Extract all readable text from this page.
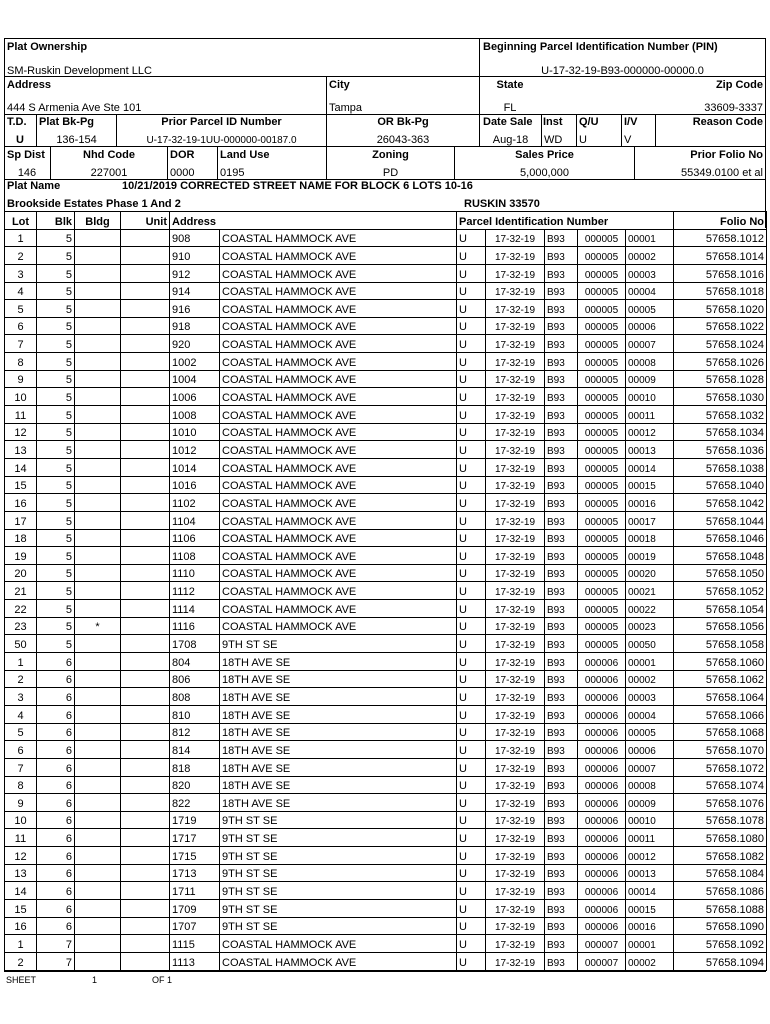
Plat Ownership
SM-Ruskin Development LLC
Beginning Parcel Identification Number (PIN)
U-17-32-19-B93-000000-00000.0
Address
444 S Armenia Ave Ste 101
City
Tampa
State
FL
Zip Code
33609-3337
T.D.
U
Plat Bk-Pg
136-154
Prior Parcel ID Number
U-17-32-19-1UU-000000-00187.0
OR Bk-Pg
26043-363
Date Sale
Aug-18
Inst
WD
Q/U
U
I/V
V
Reason Code
Sp Dist
146
Nhd Code
227001
DOR
0000
Land Use
0195
Zoning
PD
Sales Price
5,000,000
Prior Folio No
55349.0100 et al
Plat Name	10/21/2019 CORRECTED STREET NAME FOR BLOCK 6 LOTS 10-16
Brookside Estates Phase 1 And 2	RUSKIN 33570
Lot	Blk	Bldg	Unit	Address		Parcel Identification Number					Folio No
1	5			908	COASTAL HAMMOCK AVE	U	17-32-19	B93	000005	00001	57658.1012
2	5			910	COASTAL HAMMOCK AVE	U	17-32-19	B93	000005	00002	57658.1014
3	5			912	COASTAL HAMMOCK AVE	U	17-32-19	B93	000005	00003	57658.1016
4	5			914	COASTAL HAMMOCK AVE	U	17-32-19	B93	000005	00004	57658.1018
5	5			916	COASTAL HAMMOCK AVE	U	17-32-19	B93	000005	00005	57658.1020
6	5			918	COASTAL HAMMOCK AVE	U	17-32-19	B93	000005	00006	57658.1022
7	5			920	COASTAL HAMMOCK AVE	U	17-32-19	B93	000005	00007	57658.1024
8	5			1002	COASTAL HAMMOCK AVE	U	17-32-19	B93	000005	00008	57658.1026
9	5			1004	COASTAL HAMMOCK AVE	U	17-32-19	B93	000005	00009	57658.1028
10	5			1006	COASTAL HAMMOCK AVE	U	17-32-19	B93	000005	00010	57658.1030
11	5			1008	COASTAL HAMMOCK AVE	U	17-32-19	B93	000005	00011	57658.1032
12	5			1010	COASTAL HAMMOCK AVE	U	17-32-19	B93	000005	00012	57658.1034
13	5			1012	COASTAL HAMMOCK AVE	U	17-32-19	B93	000005	00013	57658.1036
14	5			1014	COASTAL HAMMOCK AVE	U	17-32-19	B93	000005	00014	57658.1038
15	5			1016	COASTAL HAMMOCK AVE	U	17-32-19	B93	000005	00015	57658.1040
16	5			1102	COASTAL HAMMOCK AVE	U	17-32-19	B93	000005	00016	57658.1042
17	5			1104	COASTAL HAMMOCK AVE	U	17-32-19	B93	000005	00017	57658.1044
18	5			1106	COASTAL HAMMOCK AVE	U	17-32-19	B93	000005	00018	57658.1046
19	5			1108	COASTAL HAMMOCK AVE	U	17-32-19	B93	000005	00019	57658.1048
20	5			1110	COASTAL HAMMOCK AVE	U	17-32-19	B93	000005	00020	57658.1050
21	5			1112	COASTAL HAMMOCK AVE	U	17-32-19	B93	000005	00021	57658.1052
22	5			1114	COASTAL HAMMOCK AVE	U	17-32-19	B93	000005	00022	57658.1054
23	5	*		1116	COASTAL HAMMOCK AVE	U	17-32-19	B93	000005	00023	57658.1056
50	5			1708	9TH ST SE	U	17-32-19	B93	000005	00050	57658.1058
1	6			804	18TH AVE SE	U	17-32-19	B93	000006	00001	57658.1060
2	6			806	18TH AVE SE	U	17-32-19	B93	000006	00002	57658.1062
3	6			808	18TH AVE SE	U	17-32-19	B93	000006	00003	57658.1064
4	6			810	18TH AVE SE	U	17-32-19	B93	000006	00004	57658.1066
5	6			812	18TH AVE SE	U	17-32-19	B93	000006	00005	57658.1068
6	6			814	18TH AVE SE	U	17-32-19	B93	000006	00006	57658.1070
7	6			818	18TH AVE SE	U	17-32-19	B93	000006	00007	57658.1072
8	6			820	18TH AVE SE	U	17-32-19	B93	000006	00008	57658.1074
9	6			822	18TH AVE SE	U	17-32-19	B93	000006	00009	57658.1076
10	6			1719	9TH ST SE	U	17-32-19	B93	000006	00010	57658.1078
11	6			1717	9TH ST SE	U	17-32-19	B93	000006	00011	57658.1080
12	6			1715	9TH ST SE	U	17-32-19	B93	000006	00012	57658.1082
13	6			1713	9TH ST SE	U	17-32-19	B93	000006	00013	57658.1084
14	6			1711	9TH ST SE	U	17-32-19	B93	000006	00014	57658.1086
15	6			1709	9TH ST SE	U	17-32-19	B93	000006	00015	57658.1088
16	6			1707	9TH ST SE	U	17-32-19	B93	000006	00016	57658.1090
1	7			1115	COASTAL HAMMOCK AVE	U	17-32-19	B93	000007	00001	57658.1092
2	7			1113	COASTAL HAMMOCK AVE	U	17-32-19	B93	000007	00002	57658.1094
SHEET	1	OF 1
